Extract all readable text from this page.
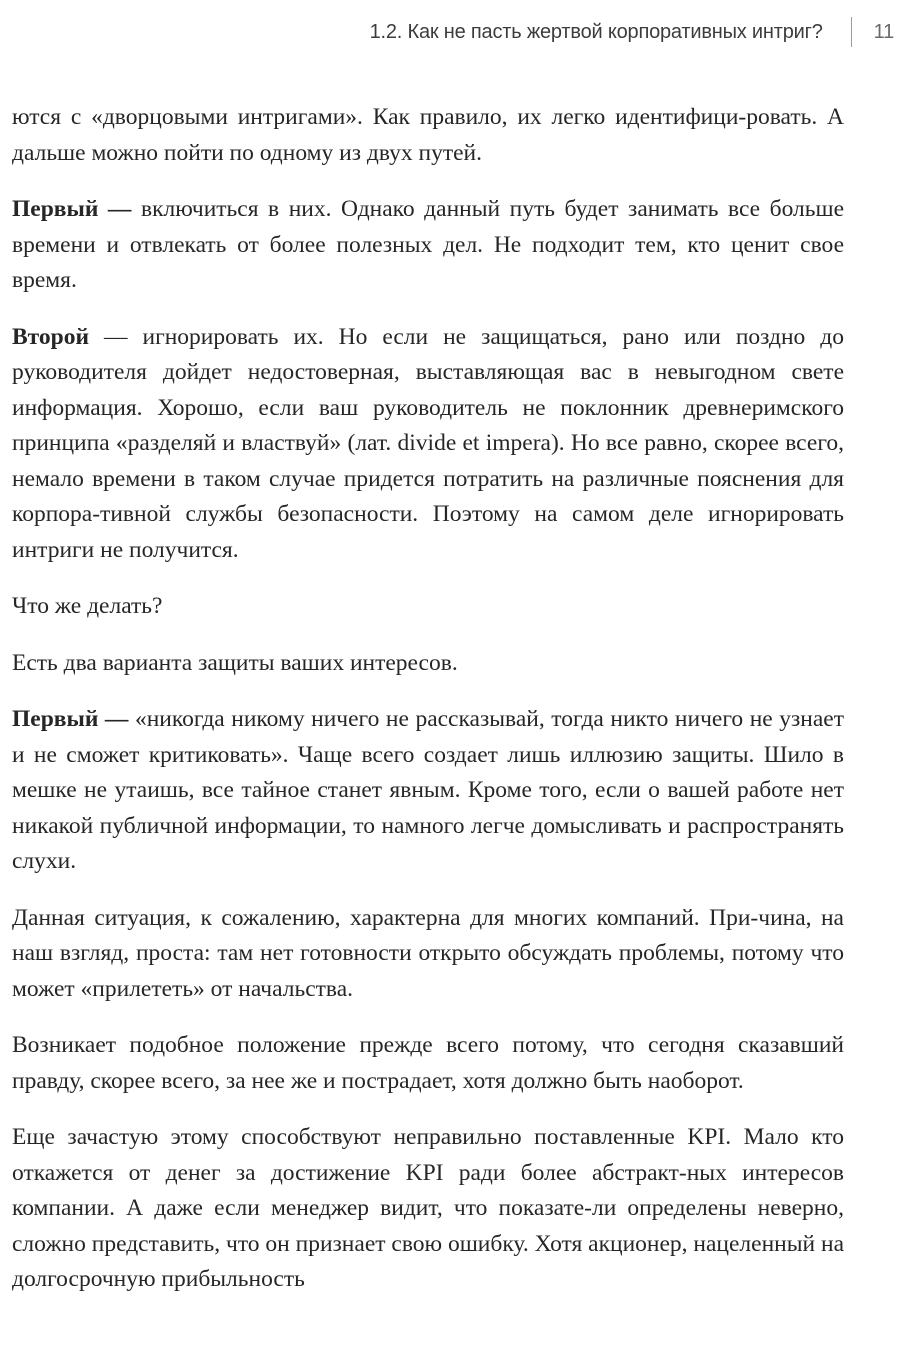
1.2. Как не пасть жертвой корпоративных интриг?	11

ются с «дворцовыми интригами». Как правило, их легко идентифици-ровать. А дальше можно пойти по одному из двух путей.

Первый — включиться в них. Однако данный путь будет занимать все больше времени и отвлекать от более полезных дел. Не подходит тем, кто ценит свое время.

Второй — игнорировать их. Но если не защищаться, рано или поздно до руководителя дойдет недостоверная, выставляющая вас в невыгодном свете информация. Хорошо, если ваш руководитель не поклонник древнеримского принципа «разделяй и властвуй» (лат. divide et impera). Но все равно, скорее всего, немало времени в таком случае придется потратить на различные пояснения для корпора-тивной службы безопасности. Поэтому на самом деле игнорировать интриги не получится.

Что же делать?

Есть два варианта защиты ваших интересов.

Первый — «никогда никому ничего не рассказывай, тогда никто ничего не узнает и не сможет критиковать». Чаще всего создает лишь иллюзию защиты. Шило в мешке не утаишь, все тайное станет явным. Кроме того, если о вашей работе нет никакой публичной информации, то намного легче домысливать и распространять слухи.

Данная ситуация, к сожалению, характерна для многих компаний. При-чина, на наш взгляд, проста: там нет готовности открыто обсуждать проблемы, потому что может «прилететь» от начальства.

Возникает подобное положение прежде всего потому, что сегодня сказавший правду, скорее всего, за нее же и пострадает, хотя должно быть наоборот.

Еще зачастую этому способствуют неправильно поставленные KPI. Мало кто откажется от денег за достижение KPI ради более абстракт-ных интересов компании. А даже если менеджер видит, что показате-ли определены неверно, сложно представить, что он признает свою ошибку. Хотя акционер, нацеленный на долгосрочную прибыльность
